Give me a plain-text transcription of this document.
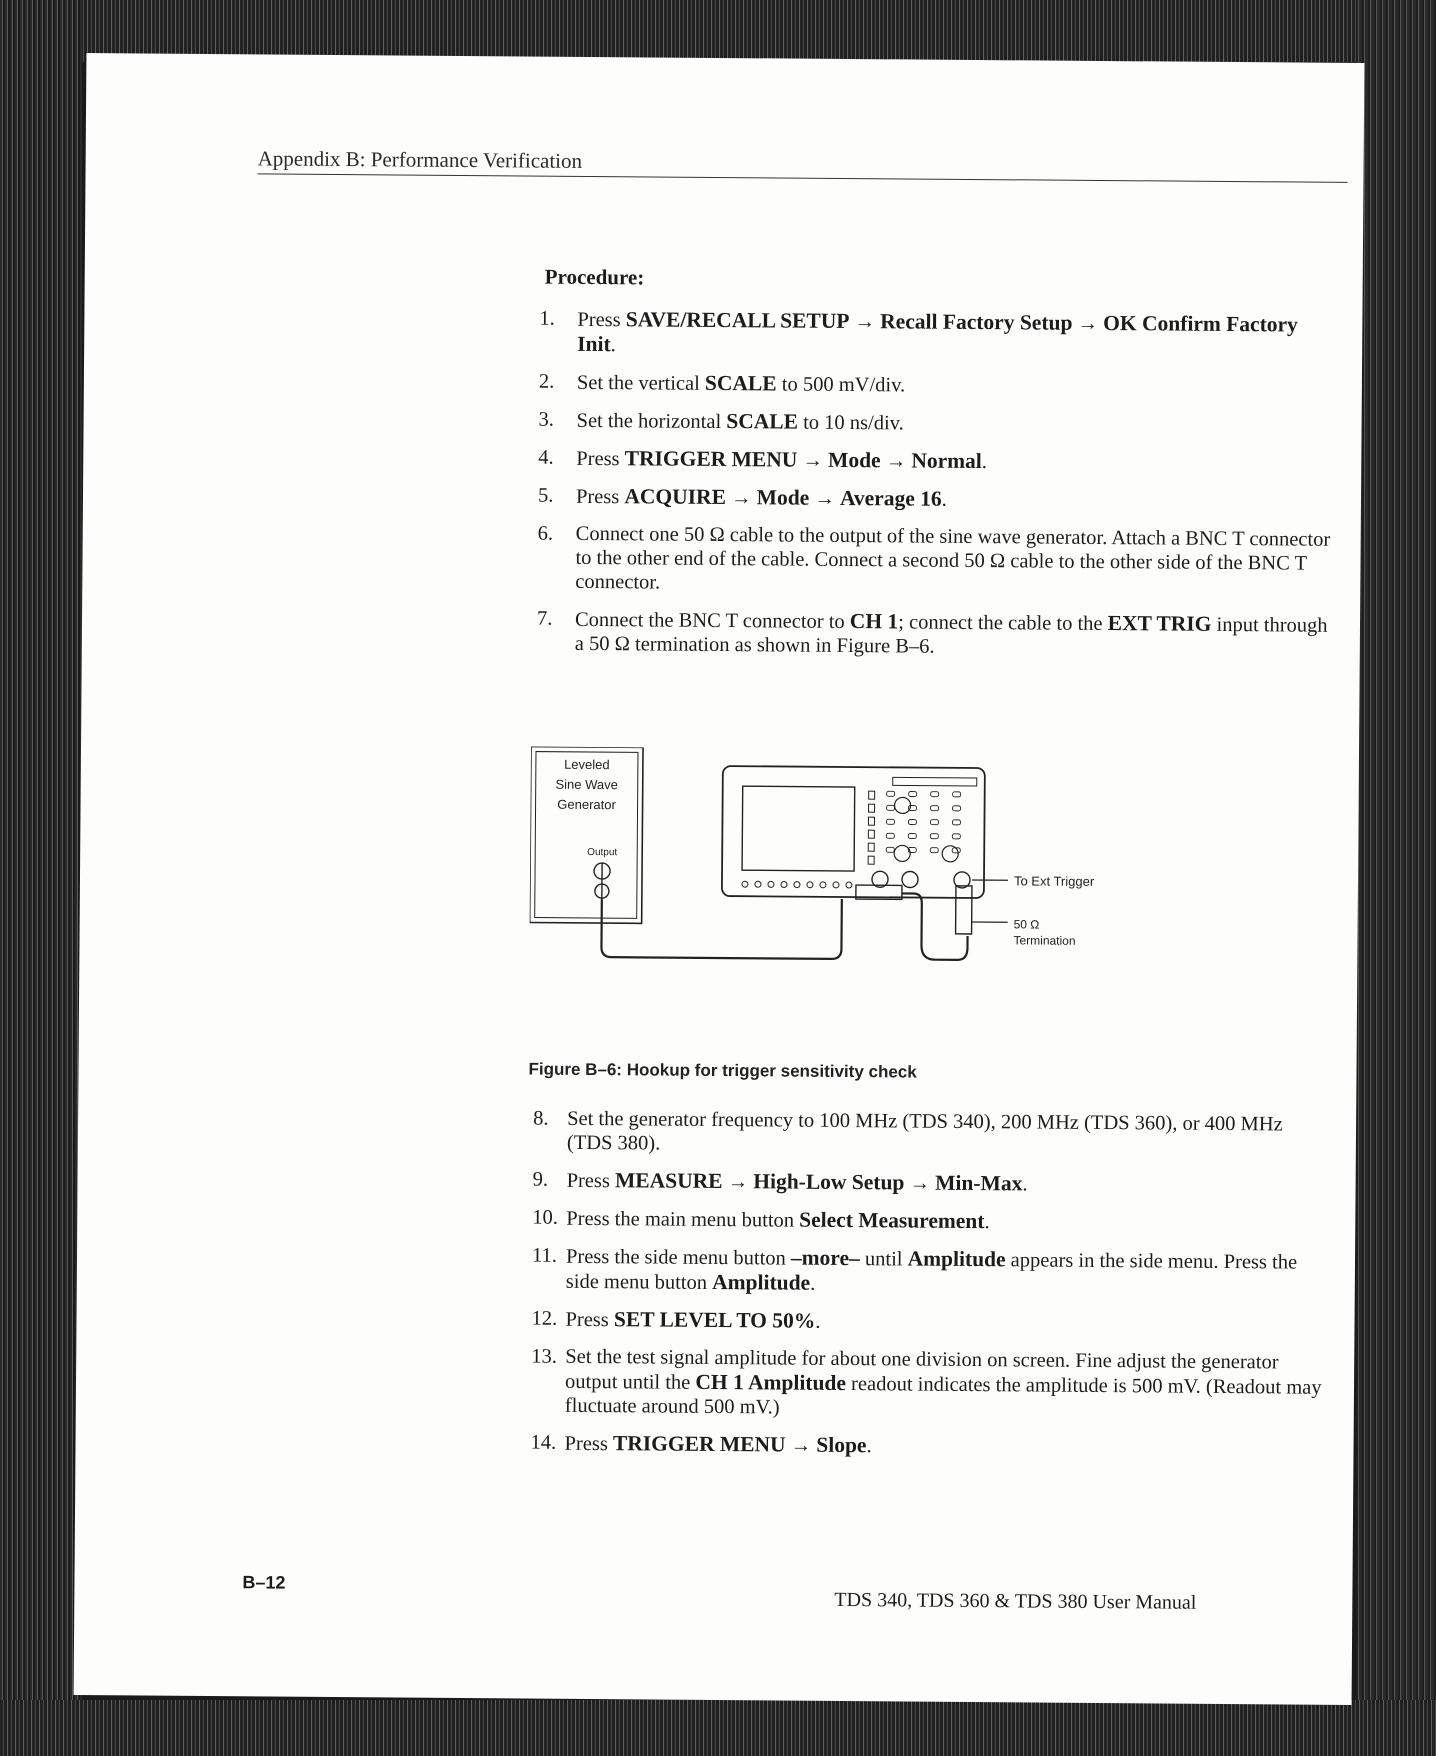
Appendix B: Performance Verification
Procedure:
1. Press SAVE/RECALL SETUP → Recall Factory Setup → OK Confirm Factory Init.
2. Set the vertical SCALE to 500 mV/div.
3. Set the horizontal SCALE to 10 ns/div.
4. Press TRIGGER MENU → Mode → Normal.
5. Press ACQUIRE → Mode → Average 16.
6. Connect one 50 Ω cable to the output of the sine wave generator. Attach a BNC T connector to the other end of the cable. Connect a second 50 Ω cable to the other side of the BNC T connector.
7. Connect the BNC T connector to CH 1; connect the cable to the EXT TRIG input through a 50 Ω termination as shown in Figure B–6.
Leveled
Sine Wave
Generator
Output
To Ext Trigger
50 Ω
Termination
Figure B–6: Hookup for trigger sensitivity check
8. Set the generator frequency to 100 MHz (TDS 340), 200 MHz (TDS 360), or 400 MHz (TDS 380).
9. Press MEASURE → High-Low Setup → Min-Max.
10. Press the main menu button Select Measurement.
11. Press the side menu button –more– until Amplitude appears in the side menu. Press the side menu button Amplitude.
12. Press SET LEVEL TO 50%.
13. Set the test signal amplitude for about one division on screen. Fine adjust the generator output until the CH 1 Amplitude readout indicates the amplitude is 500 mV. (Readout may fluctuate around 500 mV.)
14. Press TRIGGER MENU → Slope.
B–12
TDS 340, TDS 360 & TDS 380 User Manual
